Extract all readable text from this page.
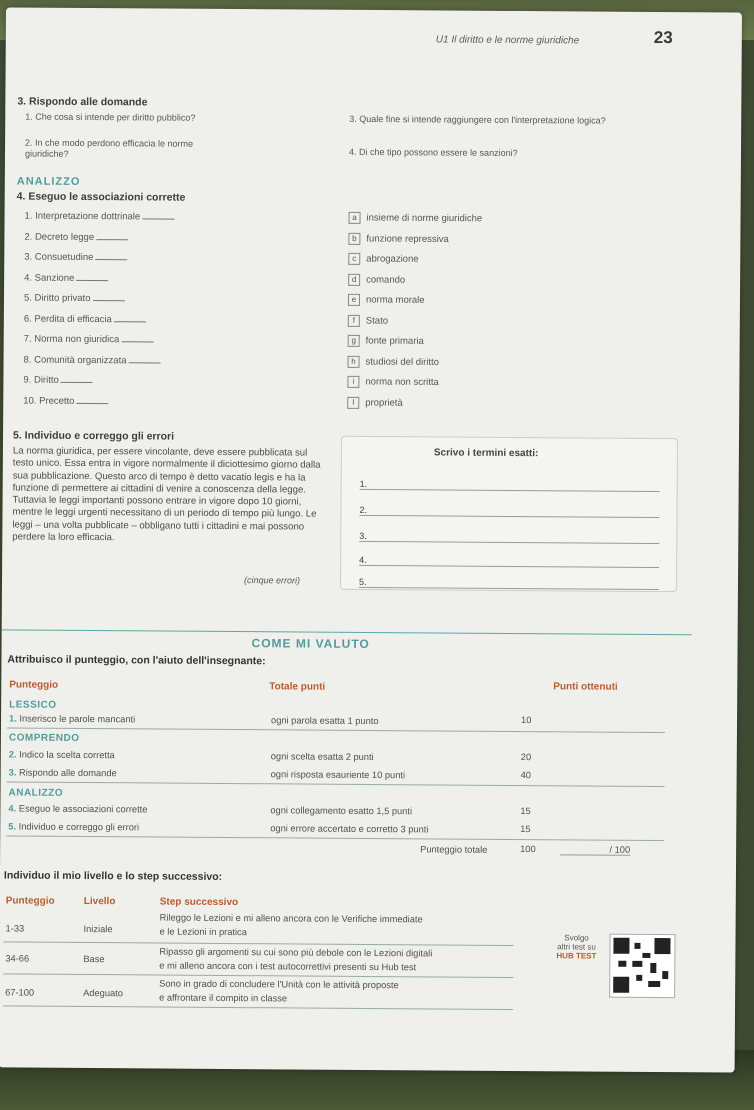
U1 Il diritto e le norme giuridiche	23
3. Rispondo alle domande
1. Che cosa si intende per diritto pubblico?
2. In che modo perdono efficacia le norme giuridiche?
3. Quale fine si intende raggiungere con l'interpretazione logica?
4. Di che tipo possono essere le sanzioni?
ANALIZZO
4. Eseguo le associazioni corrette
1. Interpretazione dottrinale
2. Decreto legge
3. Consuetudine
4. Sanzione
5. Diritto privato
6. Perdita di efficacia
7. Norma non giuridica
8. Comunità organizzata
9. Diritto
10. Precetto
a insieme di norme giuridiche
b funzione repressiva
c abrogazione
d comando
e norma morale
f Stato
g fonte primaria
h studiosi del diritto
i norma non scritta
l proprietà
5. Individuo e correggo gli errori
La norma giuridica, per essere vincolante, deve essere pubblicata sul testo unico. Essa entra in vigore normalmente il diciottesimo giorno dalla sua pubblicazione. Questo arco di tempo è detto vacatio legis e ha la funzione di permettere ai cittadini di venire a conoscenza della legge. Tuttavia le leggi importanti possono entrare in vigore dopo 10 giorni, mentre le leggi urgenti necessitano di un periodo di tempo più lungo. Le leggi – una volta pubblicate – obbligano tutti i cittadini e mai possono perdere la loro efficacia.
(cinque errori)
Scrivo i termini esatti:
1.
2.
3.
4.
5.
COME MI VALUTO
Attribuisco il punteggio, con l'aiuto dell'insegnante:
Punteggio	Totale punti	Punti ottenuti
LESSICO
1. Inserisco le parole mancanti	ogni parola esatta 1 punto	10
COMPRENDO
2. Indico la scelta corretta	ogni scelta esatta 2 punti	20
3. Rispondo alle domande	ogni risposta esauriente 10 punti	40
ANALIZZO
4. Eseguo le associazioni corrette	ogni collegamento esatto 1,5 punti	15
5. Individuo e correggo gli errori	ogni errore accertato e corretto 3 punti	15
Punteggio totale	100	/ 100
Individuo il mio livello e lo step successivo:
Punteggio	Livello	Step successivo
1-33	Iniziale
Rileggo le Lezioni e mi alleno ancora con le Verifiche immediate
e le Lezioni in pratica
34-66	Base
Ripasso gli argomenti su cui sono più debole con le Lezioni digitali
e mi alleno ancora con i test autocorrettivi presenti su Hub test
67-100	Adeguato
Sono in grado di concludere l'Unità con le attività proposte
e affrontare il compito in classe
Svolgo
altri test su
HUB TEST
